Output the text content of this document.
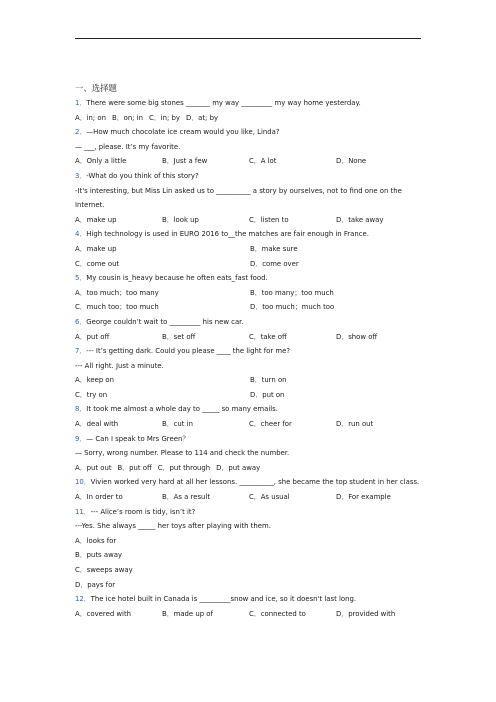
一、选择题
1．There were some big stones _______ my way _________ my way home yesterday.
A．in; on B．on; in C．in; by D．at; by
2．—How much chocolate ice cream would you like, Linda?
— ___, please. It’s my favorite.
A．Only a little	B．Just a few	C．A lot	D．None
3．-What do you think of this story?
-It's interesting, but Miss Lin asked us to __________ a story by ourselves, not to find one on the Internet.
A．make up	B．look up	C．listen to	D．take away
4．High technology is used in EURO 2016 to__the matches are fair enough in France.
A．make up	B．make sure
C．come out	D．come over
5．My cousin is_heavy because he often eats_fast food.
A．too much；too many	B．too many；too much
C．much too；too much	D．too much；much too
6．George couldn’t wait to _________ his new car.
A．put off	B．set off	C．take off	D．show off
7．--- It’s getting dark. Could you please ____ the light for me?
--- All right. Just a minute.
A．keep on	B．turn on
C．try on	D．put on
8．It took me almost a whole day to _____ so many emails.
A．deal with	B．cut in	C．cheer for	D．run out
9．— Can I speak to Mrs Green？
— Sorry, wrong number. Please to 114 and check the number.
A．put out B．put off C．put through D．put away
10．Vivien worked very hard at all her lessons. __________, she became the top student in her class.
A．In order to	B．As a result	C．As usual	D．For example
11．--- Alice’s room is tidy, isn’t it?
---Yes. She always _____ her toys after playing with them.
A．looks for
B．puts away
C．sweeps away
D．pays for
12．The ice hotel built in Canada is _________snow and ice, so it doesn't last long.
A．covered with	B．made up of	C．connected to	D．provided with
